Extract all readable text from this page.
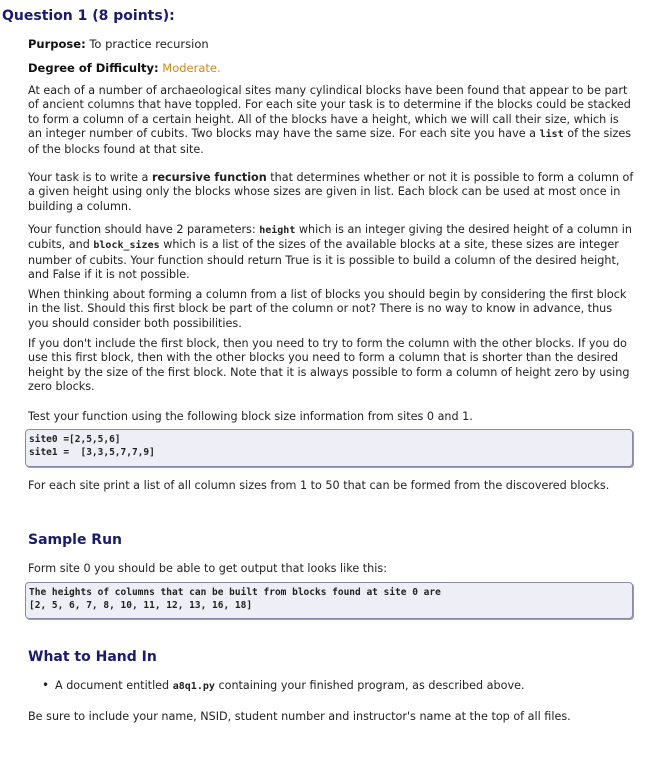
Question 1 (8 points):
Purpose: To practice recursion
Degree of Difficulty: Moderate.
At each of a number of archaeological sites many cylindical blocks have been found that appear to be part of ancient columns that have toppled. For each site your task is to determine if the blocks could be stacked to form a column of a certain height. All of the blocks have a height, which we will call their size, which is an integer number of cubits. Two blocks may have the same size. For each site you have a list of the sizes of the blocks found at that site.
Your task is to write a recursive function that determines whether or not it is possible to form a column of a given height using only the blocks whose sizes are given in list. Each block can be used at most once in building a column.
Your function should have 2 parameters: height which is an integer giving the desired height of a column in cubits, and block_sizes which is a list of the sizes of the available blocks at a site, these sizes are integer number of cubits. Your function should return True is it is possible to build a column of the desired height, and False if it is not possible.
When thinking about forming a column from a list of blocks you should begin by considering the first block in the list. Should this first block be part of the column or not? There is no way to know in advance, thus you should consider both possibilities.
If you don't include the first block, then you need to try to form the column with the other blocks. If you do use this first block, then with the other blocks you need to form a column that is shorter than the desired height by the size of the first block. Note that it is always possible to form a column of height zero by using zero blocks.
Test your function using the following block size information from sites 0 and 1.
site0 =[2,5,5,6]
site1 =  [3,3,5,7,7,9]
For each site print a list of all column sizes from 1 to 50 that can be formed from the discovered blocks.
Sample Run
Form site 0 you should be able to get output that looks like this:
The heights of columns that can be built from blocks found at site 0 are
[2, 5, 6, 7, 8, 10, 11, 12, 13, 16, 18]
What to Hand In
• A document entitled a8q1.py containing your finished program, as described above.
Be sure to include your name, NSID, student number and instructor's name at the top of all files.
